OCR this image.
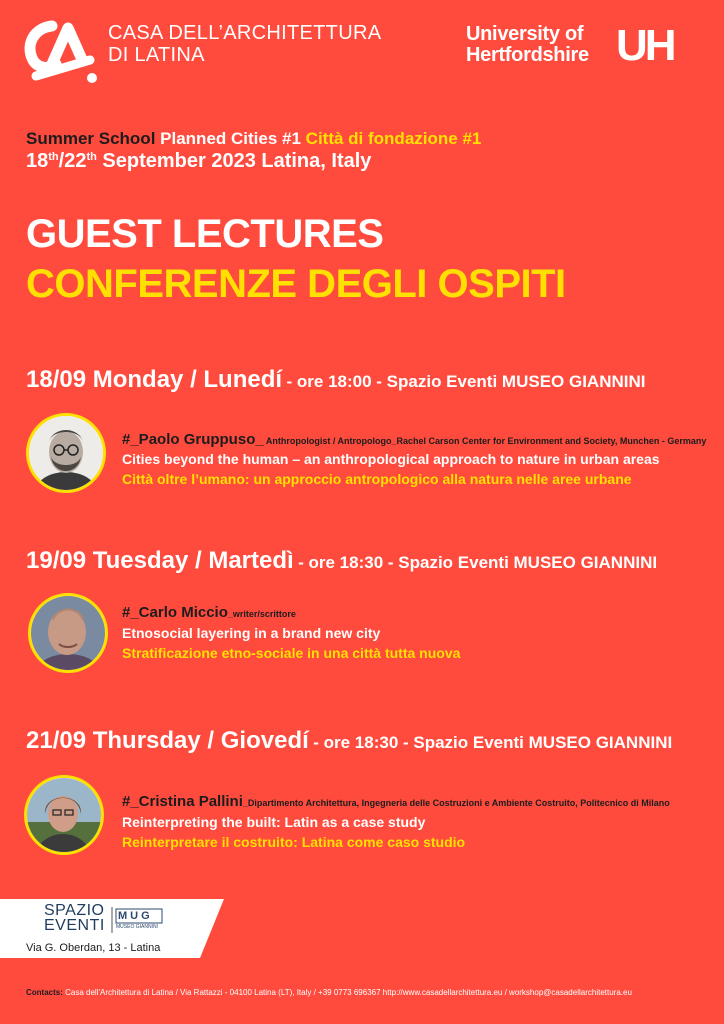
CASA DELL’ARCHITETTURA
DI LATINA
University of
Hertfordshire UH
Summer School Planned Cities #1 Città di fondazione #1
18th/22th September 2023 Latina, Italy
GUEST LECTURES
CONFERENZE DEGLI OSPITI
18/09 Monday / Lunedí - ore 18:00 - Spazio Eventi MUSEO GIANNINI
#_Paolo Gruppuso_ Anthropologist / Antropologo_Rachel Carson Center for Environment and Society, Munchen - Germany
Cities beyond the human – an anthropological approach to nature in urban areas
Città oltre l’umano: un approccio antropologico alla natura nelle aree urbane
19/09 Tuesday / Martedì - ore 18:30 - Spazio Eventi MUSEO GIANNINI
#_Carlo Miccio_writer/scrittore
Etnosocial layering in a brand new city
Stratificazione etno-sociale in una città tutta nuova
21/09 Thursday / Giovedí - ore 18:30 - Spazio Eventi MUSEO GIANNINI
#_Cristina Pallini_Dipartimento Architettura, Ingegneria delle Costruzioni e Ambiente Costruito, Politecnico di Milano
Reinterpreting the built: Latin as a case study
Reinterpretare il costruito: Latina come caso studio
SPAZIO
EVENTI
MUG
MUSEO GIANNINI
Via G. Oberdan, 13 - Latina
Contacts: Casa dell'Architettura di Latina / Via Rattazzi - 04100 Latina (LT), Italy / +39 0773 696367 http://www.casadellarchitettura.eu / workshop@casadellarchitettura.eu
